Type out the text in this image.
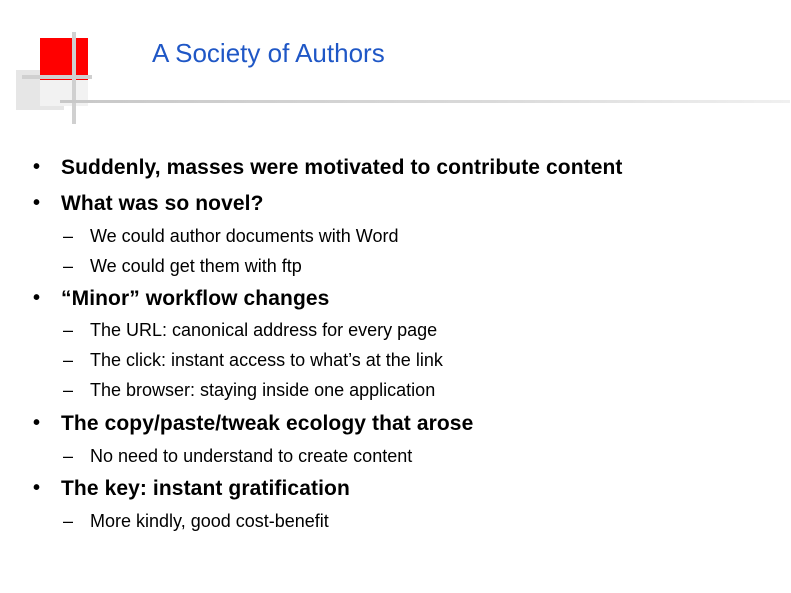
A Society of Authors
• Suddenly, masses were motivated to contribute content
• What was so novel?
– We could author documents with Word
– We could get them with ftp
• “Minor” workflow changes
– The URL: canonical address for every page
– The click: instant access to what’s at the link
– The browser: staying inside one application
• The copy/paste/tweak ecology that arose
– No need to understand to create content
• The key: instant gratification
– More kindly, good cost-benefit
